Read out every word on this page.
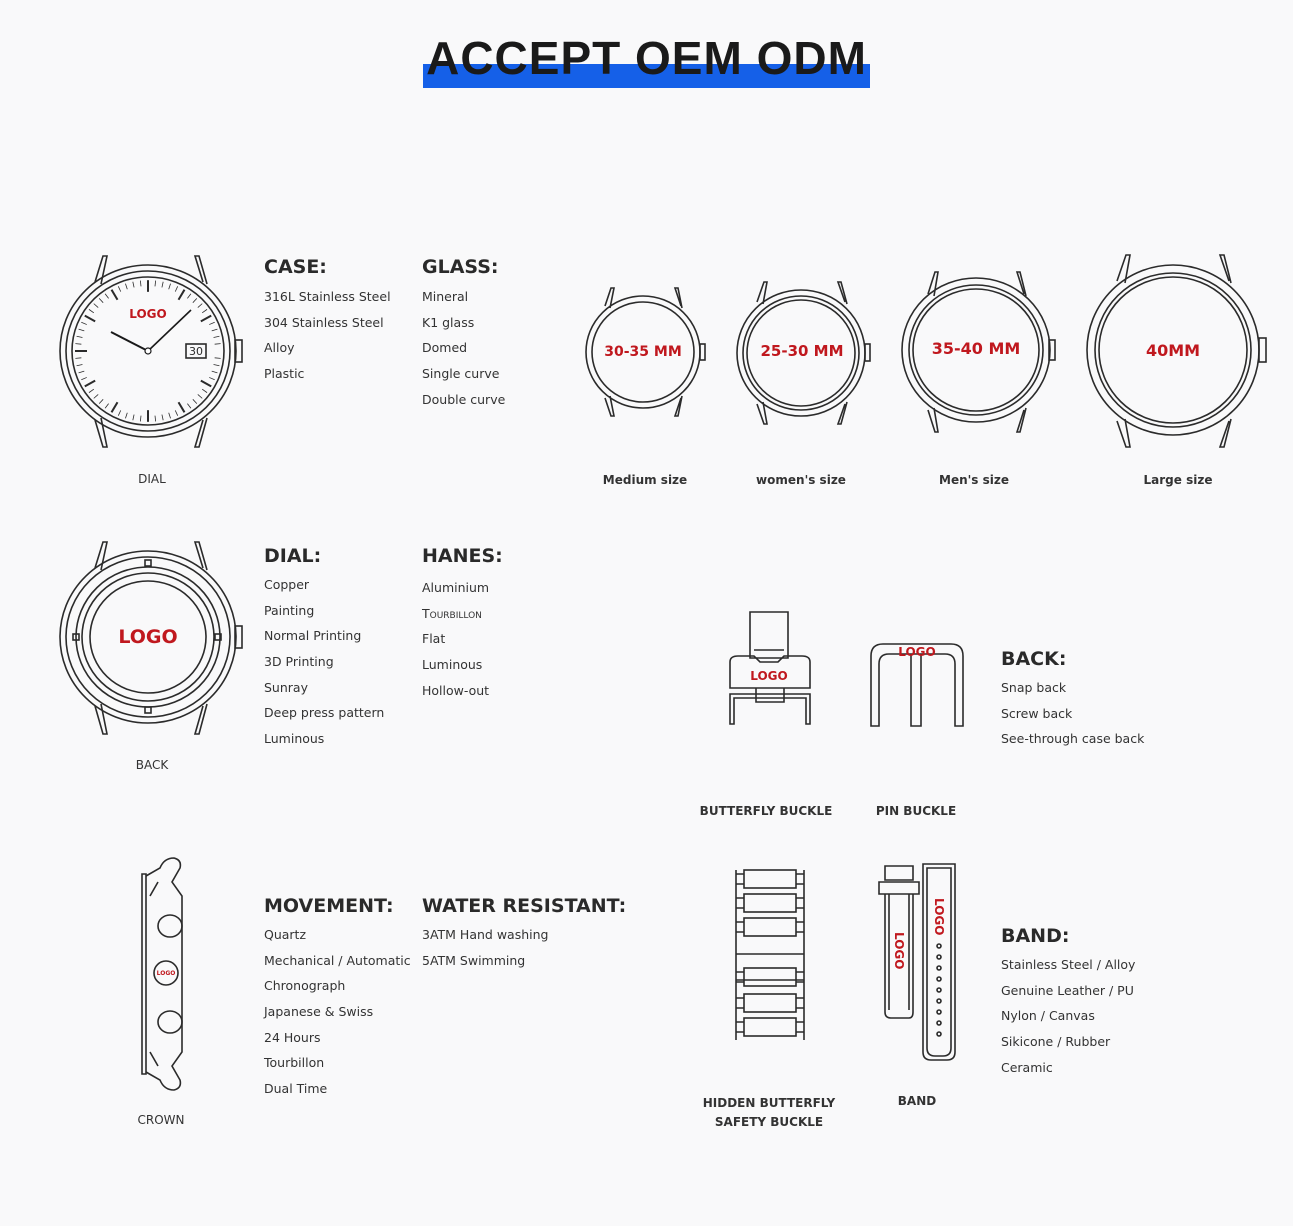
ACCEPT OEM ODM
30
LOGO
DIAL
CASE:
316L Stainless Steel
304 Stainless Steel
Alloy
Plastic
GLASS:
Mineral
K1 glass
Domed
Single curve
Double curve
30-35 MM	25-30 MM	35-40 MM	40MM
Medium size	women's size	Men's size	Large size
LOGO
BACK
DIAL:
Copper
Painting
Normal Printing
3D Printing
Sunray
Deep press pattern
Luminous
HANES:
Aluminium
Tourbillon
Flat
Luminous
Hollow-out
LOGO
BUTTERFLY BUCKLE
LOGO
PIN BUCKLE
BACK:
Snap back
Screw back
See-through case back
LOGO
CROWN
MOVEMENT:
Quartz
Mechanical / Automatic
Chronograph
Japanese & Swiss
24 Hours
Tourbillon
Dual Time
WATER RESISTANT:
3ATM Hand washing
5ATM Swimming
HIDDEN BUTTERFLY
SAFETY BUCKLE
LOGO
LOGO
BAND
BAND:
Stainless Steel / Alloy
Genuine Leather / PU
Nylon / Canvas
Sikicone / Rubber
Ceramic
